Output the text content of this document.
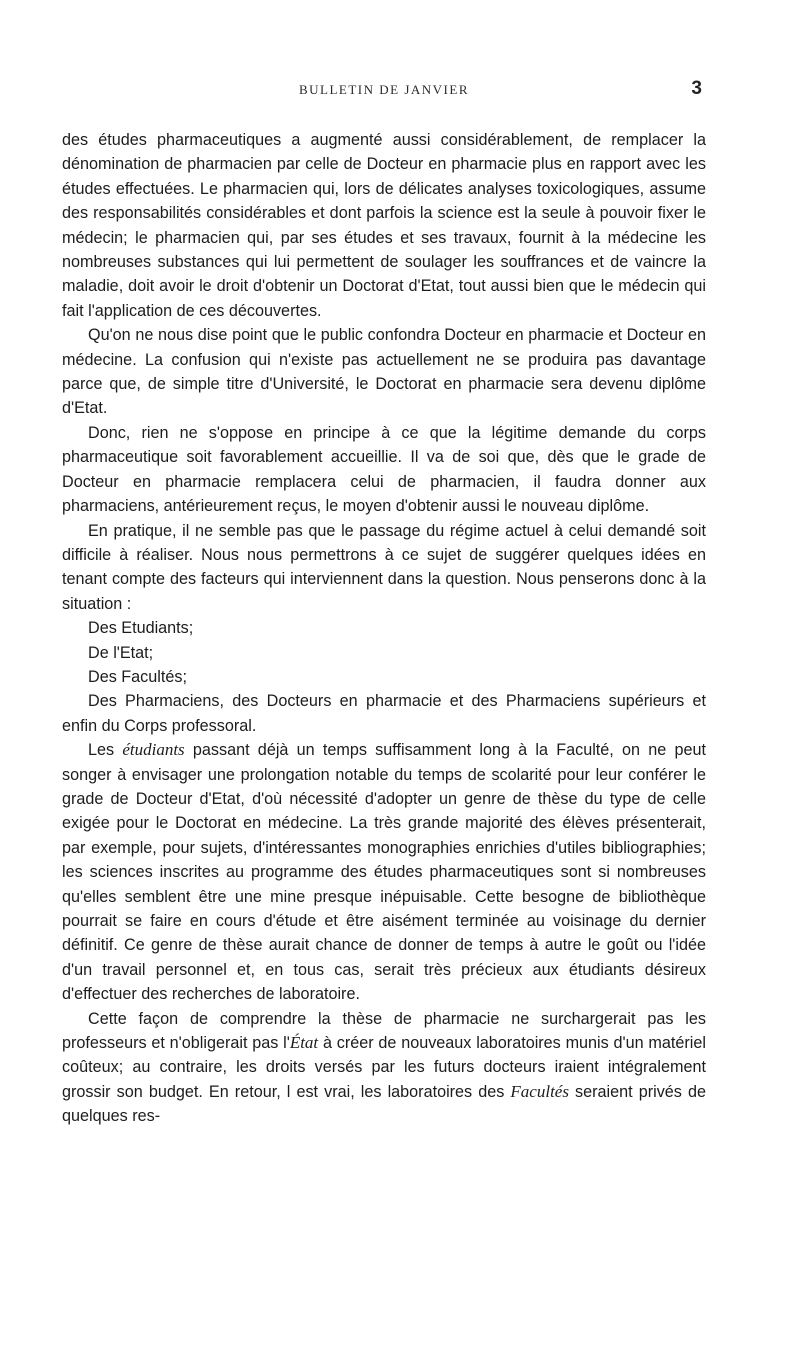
BULLETIN DE JANVIER	3

des études pharmaceutiques a augmenté aussi considérablement, de remplacer la dénomination de pharmacien par celle de Docteur en pharmacie plus en rapport avec les études effectuées. Le pharmacien qui, lors de délicates analyses toxicologiques, assume des responsabilités considérables et dont parfois la science est la seule à pouvoir fixer le médecin; le pharmacien qui, par ses études et ses travaux, fournit à la médecine les nombreuses substances qui lui permettent de soulager les souffrances et de vaincre la maladie, doit avoir le droit d'obtenir un Doctorat d'Etat, tout aussi bien que le médecin qui fait l'application de ces découvertes.

Qu'on ne nous dise point que le public confondra Docteur en pharmacie et Docteur en médecine. La confusion qui n'existe pas actuellement ne se produira pas davantage parce que, de simple titre d'Université, le Doctorat en pharmacie sera devenu diplôme d'Etat.

Donc, rien ne s'oppose en principe à ce que la légitime demande du corps pharmaceutique soit favorablement accueillie. Il va de soi que, dès que le grade de Docteur en pharmacie remplacera celui de pharmacien, il faudra donner aux pharmaciens, antérieurement reçus, le moyen d'obtenir aussi le nouveau diplôme.

En pratique, il ne semble pas que le passage du régime actuel à celui demandé soit difficile à réaliser. Nous nous permettrons à ce sujet de suggérer quelques idées en tenant compte des facteurs qui interviennent dans la question. Nous penserons donc à la situation :

Des Etudiants;

De l'Etat;

Des Facultés;

Des Pharmaciens, des Docteurs en pharmacie et des Pharmaciens supérieurs et enfin du Corps professoral.

Les étudiants passant déjà un temps suffisamment long à la Faculté, on ne peut songer à envisager une prolongation notable du temps de scolarité pour leur conférer le grade de Docteur d'Etat, d'où nécessité d'adopter un genre de thèse du type de celle exigée pour le Doctorat en médecine. La très grande majorité des élèves présenterait, par exemple, pour sujets, d'intéressantes monographies enrichies d'utiles bibliographies; les sciences inscrites au programme des études pharmaceutiques sont si nombreuses qu'elles semblent être une mine presque inépuisable. Cette besogne de bibliothèque pourrait se faire en cours d'étude et être aisément terminée au voisinage du dernier définitif. Ce genre de thèse aurait chance de donner de temps à autre le goût ou l'idée d'un travail personnel et, en tous cas, serait très précieux aux étudiants désireux d'effectuer des recherches de laboratoire.

Cette façon de comprendre la thèse de pharmacie ne surchargerait pas les professeurs et n'obligerait pas l'État à créer de nouveaux laboratoires munis d'un matériel coûteux; au contraire, les droits versés par les futurs docteurs iraient intégralement grossir son budget. En retour, l est vrai, les laboratoires des Facultés seraient privés de quelques res-
